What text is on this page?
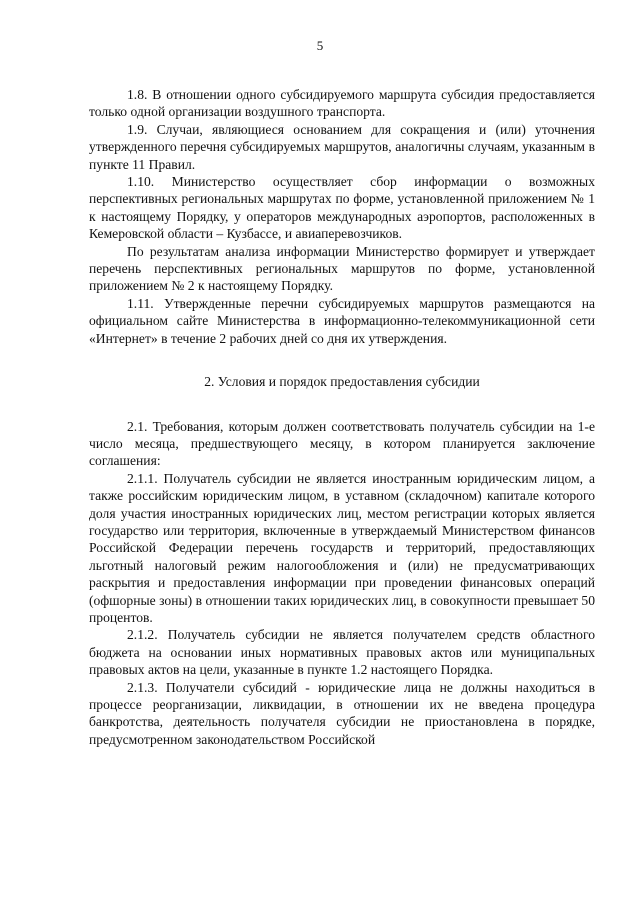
5

1.8. В отношении одного субсидируемого маршрута субсидия предоставляется только одной организации воздушного транспорта.

1.9. Случаи, являющиеся основанием для сокращения и (или) уточнения утвержденного перечня субсидируемых маршрутов, аналогичны случаям, указанным в пункте 11 Правил.

1.10. Министерство осуществляет сбор информации о возможных перспективных региональных маршрутах по форме, установленной приложением № 1 к настоящему Порядку, у операторов международных аэропортов, расположенных в Кемеровской области – Кузбассе, и авиаперевозчиков.

По результатам анализа информации Министерство формирует и утверждает перечень перспективных региональных маршрутов по форме, установленной приложением № 2 к настоящему Порядку.

1.11. Утвержденные перечни субсидируемых маршрутов размещаются на официальном сайте Министерства в информационно-телекоммуникационной сети «Интернет» в течение 2 рабочих дней со дня их утверждения.

2. Условия и порядок предоставления субсидии

2.1. Требования, которым должен соответствовать получатель субсидии на 1-е число месяца, предшествующего месяцу, в котором планируется заключение соглашения:

2.1.1. Получатель субсидии не является иностранным юридическим лицом, а также российским юридическим лицом, в уставном (складочном) капитале которого доля участия иностранных юридических лиц, местом регистрации которых является государство или территория, включенные в утверждаемый Министерством финансов Российской Федерации перечень государств и территорий, предоставляющих льготный налоговый режим налогообложения и (или) не предусматривающих раскрытия и предоставления информации при проведении финансовых операций (офшорные зоны) в отношении таких юридических лиц, в совокупности превышает 50 процентов.

2.1.2. Получатель субсидии не является получателем средств областного бюджета на основании иных нормативных правовых актов или муниципальных правовых актов на цели, указанные в пункте 1.2 настоящего Порядка.

2.1.3. Получатели субсидий - юридические лица не должны находиться в процессе реорганизации, ликвидации, в отношении их не введена процедура банкротства, деятельность получателя субсидии не приостановлена в порядке, предусмотренном законодательством Российской
